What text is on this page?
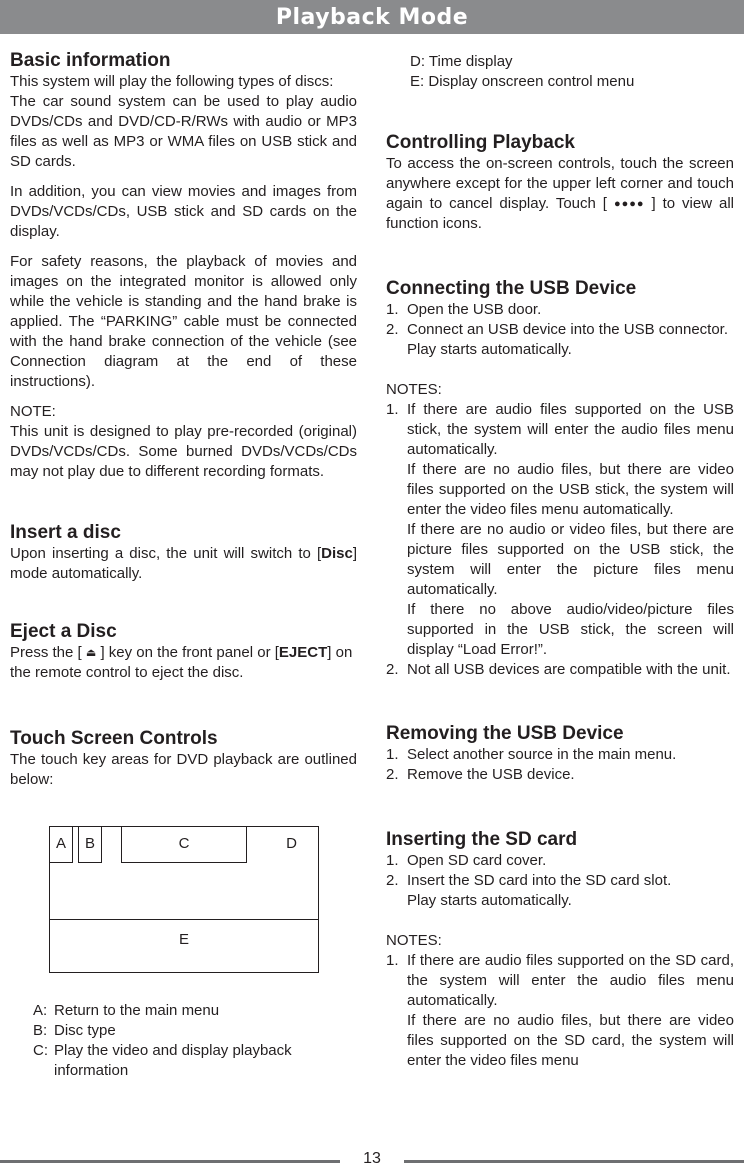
Playback Mode
Basic information

This system will play the following types of discs:

The car sound system can be used to play audio DVDs/CDs and DVD/CD-R/RWs with audio or MP3 files as well as MP3 or WMA files on USB stick and SD cards.

In addition, you can view movies and images from DVDs/VCDs/CDs, USB stick and SD cards on the display.

For safety reasons, the playback of movies and images on the integrated monitor is allowed only while the vehicle is standing and the hand brake is applied. The “PARKING” cable must be connected with the hand brake connection of the vehicle (see Connection diagram at the end of these instructions).

NOTE:

This unit is designed to play pre-recorded (original) DVDs/VCDs/CDs. Some burned DVDs/VCDs/CDs may not play due to different recording formats.

Insert a disc

Upon inserting a disc, the unit will switch to [Disc] mode automatically.

Eject a Disc

Press the [ ⏏ ] key on the front panel or [EJECT] on the remote control to eject the disc.

Touch Screen Controls

The touch key areas for DVD playback are outlined below:

A B	C	D
E
A: Return to the main menu
B: Disc type
C: Play the video and display playback information
D: Time display
E: Display onscreen control menu
Controlling Playback

To access the on-screen controls, touch the screen anywhere except for the upper left corner and touch again to cancel display. Touch [ ●●●● ] to view all function icons.

Connecting the USB Device
1. Open the USB door.
2. Connect an USB device into the USB connector.
Play starts automatically.

NOTES:

1. If there are audio files supported on the USB stick, the system will enter the audio files menu automatically.
If there are no audio files, but there are video files supported on the USB stick, the system will enter the video files menu automatically.
If there are no audio or video files, but there are picture files supported on the USB stick, the system will enter the picture files menu automatically.
If there no above audio/video/picture files supported in the USB stick, the screen will display “Load Error!”.
2. Not all USB devices are compatible with the unit.
Removing the USB Device
1. Select another source in the main menu.
2. Remove the USB device.
Inserting the SD card
1. Open SD card cover.
2. Insert the SD card into the SD card slot.
Play starts automatically.

NOTES:

1. If there are audio files supported on the SD card, the system will enter the audio files menu automatically.
If there are no audio files, but there are video files supported on the SD card, the system will enter the video files menu
13
